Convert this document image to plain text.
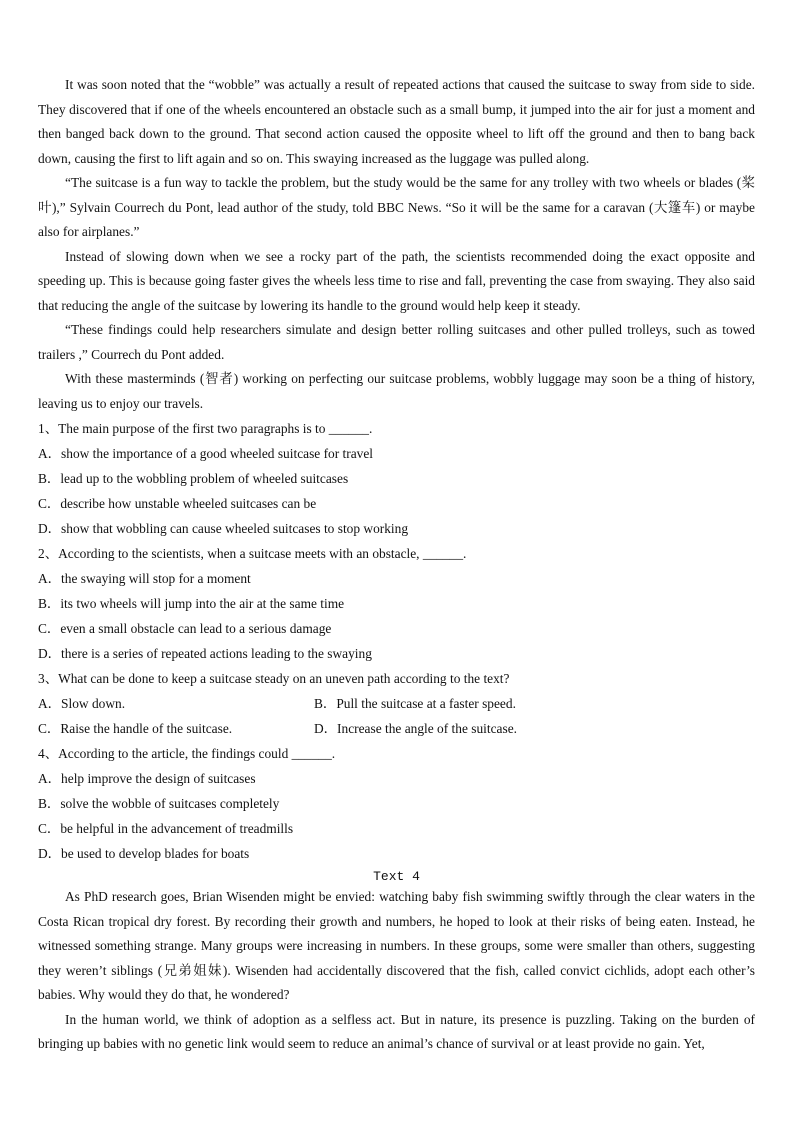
It was soon noted that the “wobble” was actually a result of repeated actions that caused the suitcase to sway from side to side. They discovered that if one of the wheels encountered an obstacle such as a small bump, it jumped into the air for just a moment and then banged back down to the ground. That second action caused the opposite wheel to lift off the ground and then to bang back down, causing the first to lift again and so on. This swaying increased as the luggage was pulled along.

“The suitcase is a fun way to tackle the problem, but the study would be the same for any trolley with two wheels or blades (桨叶),” Sylvain Courrech du Pont, lead author of the study, told BBC News. “So it will be the same for a caravan (大篷车) or maybe also for airplanes.”

Instead of slowing down when we see a rocky part of the path, the scientists recommended doing the exact opposite and speeding up. This is because going faster gives the wheels less time to rise and fall, preventing the case from swaying. They also said that reducing the angle of the suitcase by lowering its handle to the ground would help keep it steady.

“These findings could help researchers simulate and design better rolling suitcases and other pulled trolleys, such as towed trailers ,” Courrech du Pont added.

With these masterminds (智者) working on perfecting our suitcase problems, wobbly luggage may soon be a thing of history, leaving us to enjoy our travels.

1、The main purpose of the first two paragraphs is to ______.

A．show the importance of a good wheeled suitcase for travel

B．lead up to the wobbling problem of wheeled suitcases

C．describe how unstable wheeled suitcases can be

D．show that wobbling can cause wheeled suitcases to stop working

2、According to the scientists, when a suitcase meets with an obstacle, ______.

A．the swaying will stop for a moment

B．its two wheels will jump into the air at the same time

C．even a small obstacle can lead to a serious damage

D．there is a series of repeated actions leading to the swaying

3、What can be done to keep a suitcase steady on an uneven path according to the text?

A．Slow down.	B．Pull the suitcase at a faster speed.
C．Raise the handle of the suitcase.	D．Increase the angle of the suitcase.

4、According to the article, the findings could ______.

A．help improve the design of suitcases

B．solve the wobble of suitcases completely

C．be helpful in the advancement of treadmills

D．be used to develop blades for boats

Text 4

As PhD research goes, Brian Wisenden might be envied: watching baby fish swimming swiftly through the clear waters in the Costa Rican tropical dry forest. By recording their growth and numbers, he hoped to look at their risks of being eaten. Instead, he witnessed something strange. Many groups were increasing in numbers. In these groups, some were smaller than others, suggesting they weren’t siblings (兄弟姐妹). Wisenden had accidentally discovered that the fish, called convict cichlids, adopt each other’s babies. Why would they do that, he wondered?

In the human world, we think of adoption as a selfless act. But in nature, its presence is puzzling. Taking on the burden of bringing up babies with no genetic link would seem to reduce an animal’s chance of survival or at least provide no gain. Yet,
